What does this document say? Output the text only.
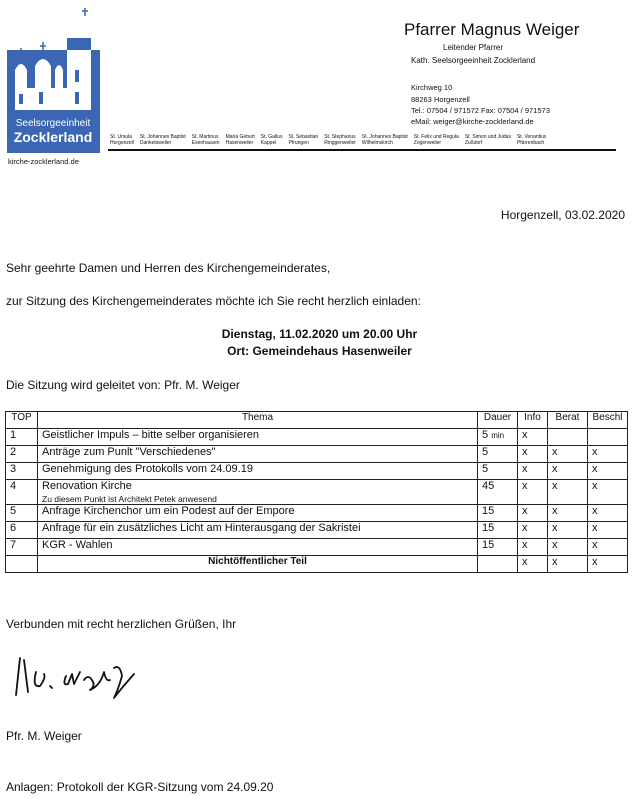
Seelsorgeeinheit
Zocklerland
kirche-zocklerland.de
Pfarrer Magnus Weiger
Leitender Pfarrer
Kath. Seelsorgeeinheit Zocklerland
Kirchweg 10
88263 Horgenzell
Tel.: 07504 / 971572 Fax: 07504 / 971573
eMail: weiger@kirche-zocklerland.de
St. Ursula
Horgenzell
St. Johannes Baptist
Danketsweiler
St. Martinus
Esenhausen
Mariä Geburt
Hasenweiler
St. Gallus
Kappel
St. Sebastian
Pfrungen
St. Stephanus
Ringgenweiler
St. Johannes Baptist
Wilhelmskirch
St. Felix und Regula
Zogenweiler
St. Simon und Judas
Zußdorf
St. Venantius
Pfärrenbach
Horgenzell, 03.02.2020
Sehr geehrte Damen und Herren des Kirchengemeinderates,
zur Sitzung des Kirchengemeinderates möchte ich Sie recht herzlich einladen:
Dienstag, 11.02.2020 um 20.00 Uhr
Ort: Gemeindehaus Hasenweiler
Die Sitzung wird geleitet von: Pfr. M. Weiger
TOP	Thema	Dauer	Info	Berat	Beschl
1	Geistlicher Impuls – bitte selber organisieren	5 min	x		
2	Anträge zum Punlt "Verschiedenes"	5	x	x	x
3	Genehmigung des Protokolls vom 24.09.19	5	x	x	x
4	Renovation Kirche
Zu diesem Punkt ist Architekt Petek anwesend	45	x	x	x
5	Anfrage Kirchenchor um ein Podest auf der Empore	15	x	x	x
6	Anfrage für ein zusätzliches Licht am Hinterausgang der Sakristei	15	x	x	x
7	KGR - Wahlen	15	x	x	x
	Nichtöffentlicher Teil		x	x	x
Verbunden mit recht herzlichen Grüßen, Ihr
Pfr. M. Weiger
Anlagen: Protokoll der KGR-Sitzung vom 24.09.20
